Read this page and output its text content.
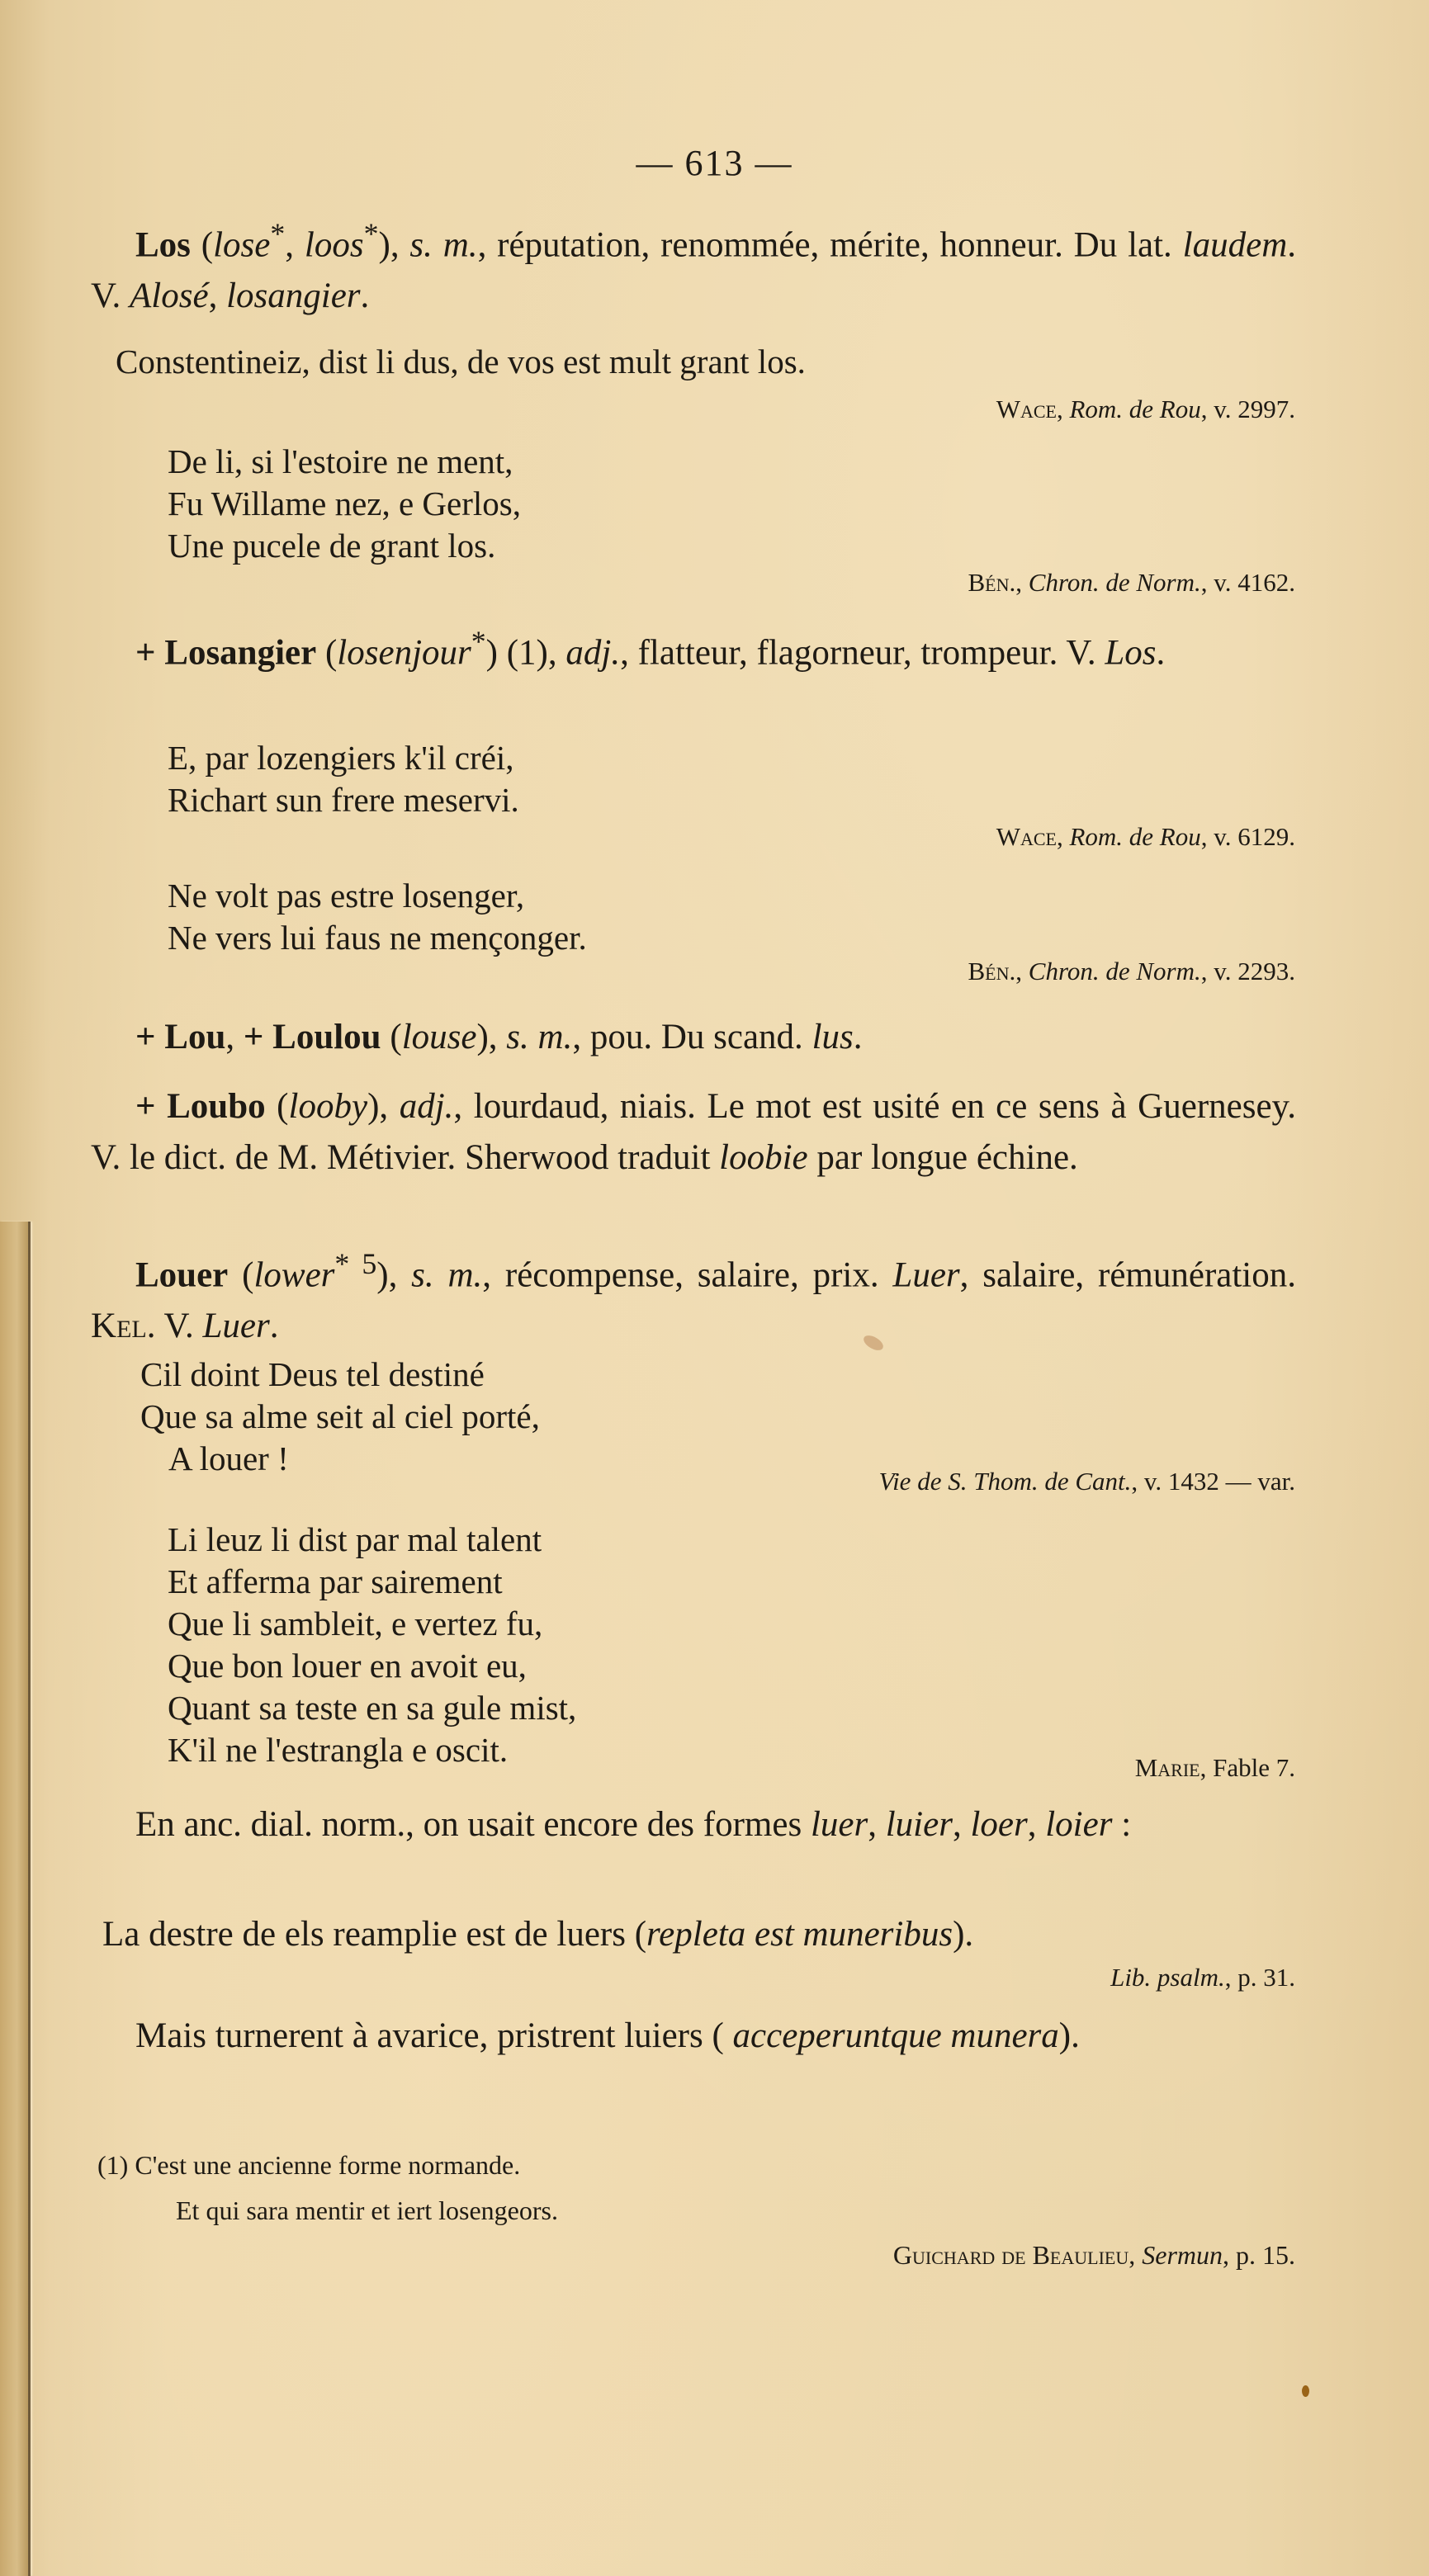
— 613 —
Los (lose*, loos*), s. m., réputation, renommée, mérite, honneur. Du lat. laudem. V. Alosé, losangier.
Constentineiz, dist li dus, de vos est mult grant los.
Wace, Rom. de Rou, v. 2997.
De li, si l'estoire ne ment,
Fu Willame nez, e Gerlos,
Une pucele de grant los.
Bén., Chron. de Norm., v. 4162.
+ Losangier (losenjour*) (1), adj., flatteur, flagorneur, trompeur. V. Los.
E, par lozengiers k'il créi,
Richart sun frere meservi.
Wace, Rom. de Rou, v. 6129.
Ne volt pas estre losenger,
Ne vers lui faus ne mençonger.
Bén., Chron. de Norm., v. 2293.
+ Lou, + Loulou (louse), s. m., pou. Du scand. lus.
+ Loubo (looby), adj., lourdaud, niais. Le mot est usité en ce sens à Guernesey. V. le dict. de M. Métivier. Sherwood traduit loobie par longue échine.
Louer (lower$^{* 5}$), s. m., récompense, salaire, prix. Luer, salaire, rémunération. Kel. V. Luer.
Cil doint Deus tel destiné
Que sa alme seit al ciel porté,
A louer !
Vie de S. Thom. de Cant., v. 1432 — var.
Li leuz li dist par mal talent
Et afferma par sairement
Que li sambleit, e vertez fu,
Que bon louer en avoit eu,
Quant sa teste en sa gule mist,
K'il ne l'estrangla e oscit.	Marie, Fable 7.
En anc. dial. norm., on usait encore des formes luer, luier, loer, loier :
La destre de els reamplie est de luers (repleta est muneribus).
Lib. psalm., p. 31.
Mais turnerent à avarice, pristrent luiers ( acceperuntque munera).
(1) C'est une ancienne forme normande.
Et qui sara mentir et iert losengeors.
Guichard de Beaulieu, Sermun, p. 15.
